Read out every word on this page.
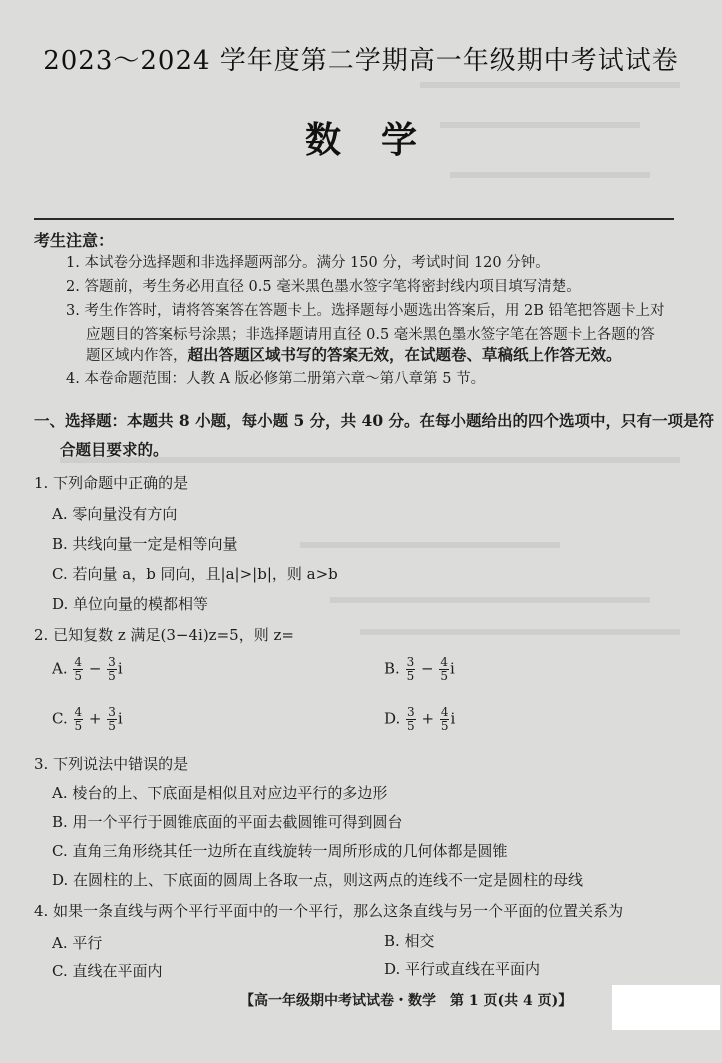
2023～2024 学年度第二学期高一年级期中考试试卷
数学
考生注意：
1. 本试卷分选择题和非选择题两部分。满分 150 分，考试时间 120 分钟。
2. 答题前，考生务必用直径 0.5 毫米黑色墨水签字笔将密封线内项目填写清楚。
3. 考生作答时，请将答案答在答题卡上。选择题每小题选出答案后，用 2B 铅笔把答题卡上对
应题目的答案标号涂黑；非选择题请用直径 0.5 毫米黑色墨水签字笔在答题卡上各题的答
题区域内作答，超出答题区域书写的答案无效，在试题卷、草稿纸上作答无效。
4. 本卷命题范围：人教 A 版必修第二册第六章～第八章第 5 节。
一、选择题：本题共 8 小题，每小题 5 分，共 40 分。在每小题给出的四个选项中，只有一项是符
合题目要求的。
1. 下列命题中正确的是
A. 零向量没有方向
B. 共线向量一定是相等向量
C. 若向量 a，b 同向，且|a|>|b|，则 a>b
D. 单位向量的模都相等
2. 已知复数 z 满足(3−4i)z=5，则 z=
A. $\frac{4}{5} - \frac{3}{5}$ i	B. $\frac{3}{5} - \frac{4}{5}$ i
C. $\frac{4}{5} + \frac{3}{5}$ i	D. $\frac{3}{5} + \frac{4}{5}$ i
3. 下列说法中错误的是
A. 棱台的上、下底面是相似且对应边平行的多边形
B. 用一个平行于圆锥底面的平面去截圆锥可得到圆台
C. 直角三角形绕其任一边所在直线旋转一周所形成的几何体都是圆锥
D. 在圆柱的上、下底面的圆周上各取一点，则这两点的连线不一定是圆柱的母线
4. 如果一条直线与两个平行平面中的一个平行，那么这条直线与另一个平面的位置关系为
A. 平行	B. 相交
C. 直线在平面内	D. 平行或直线在平面内
【高一年级期中考试试卷・数学　第 1 页(共 4 页)】
